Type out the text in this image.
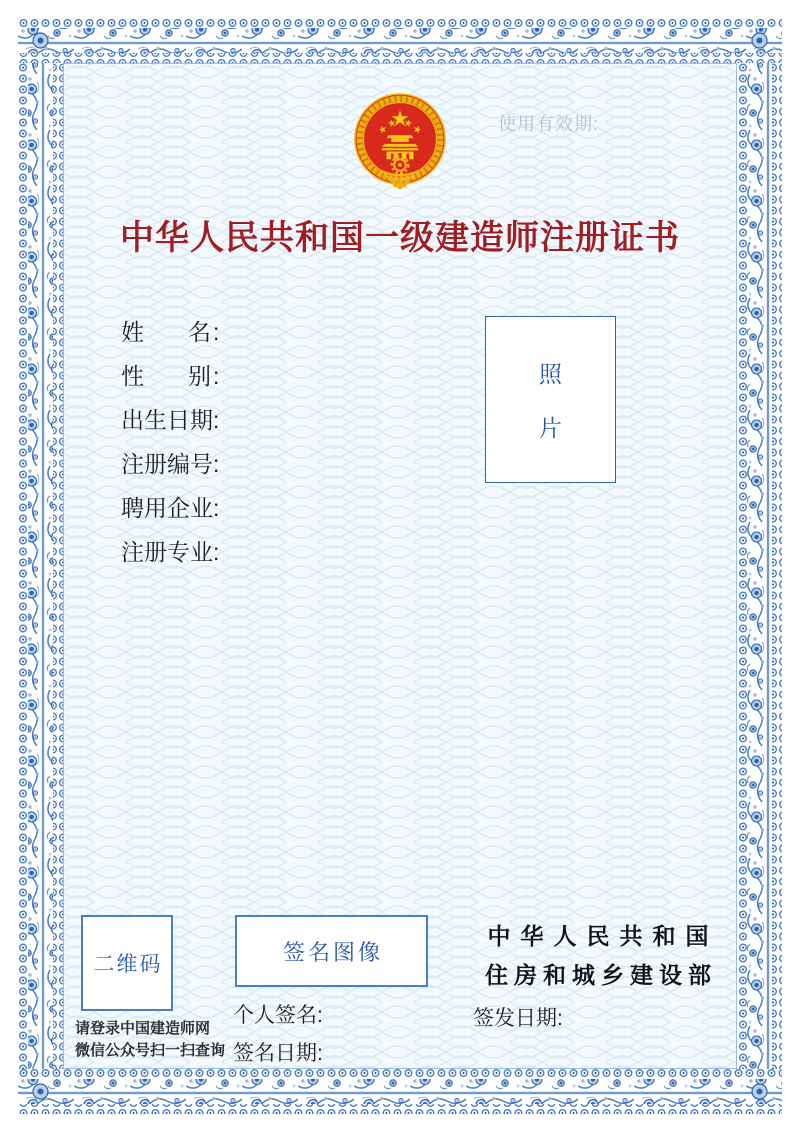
使用有效期:
中华人民共和国一级建造师注册证书
姓名:
性别:
出生日期:
注册编号:
聘用企业:
注册专业:
照
片
二维码
请登录中国建造师网
微信公众号扫一扫查询
签名图像
个人签名:
签名日期:
中华人民共和国
住房和城乡建设部
签发日期:
